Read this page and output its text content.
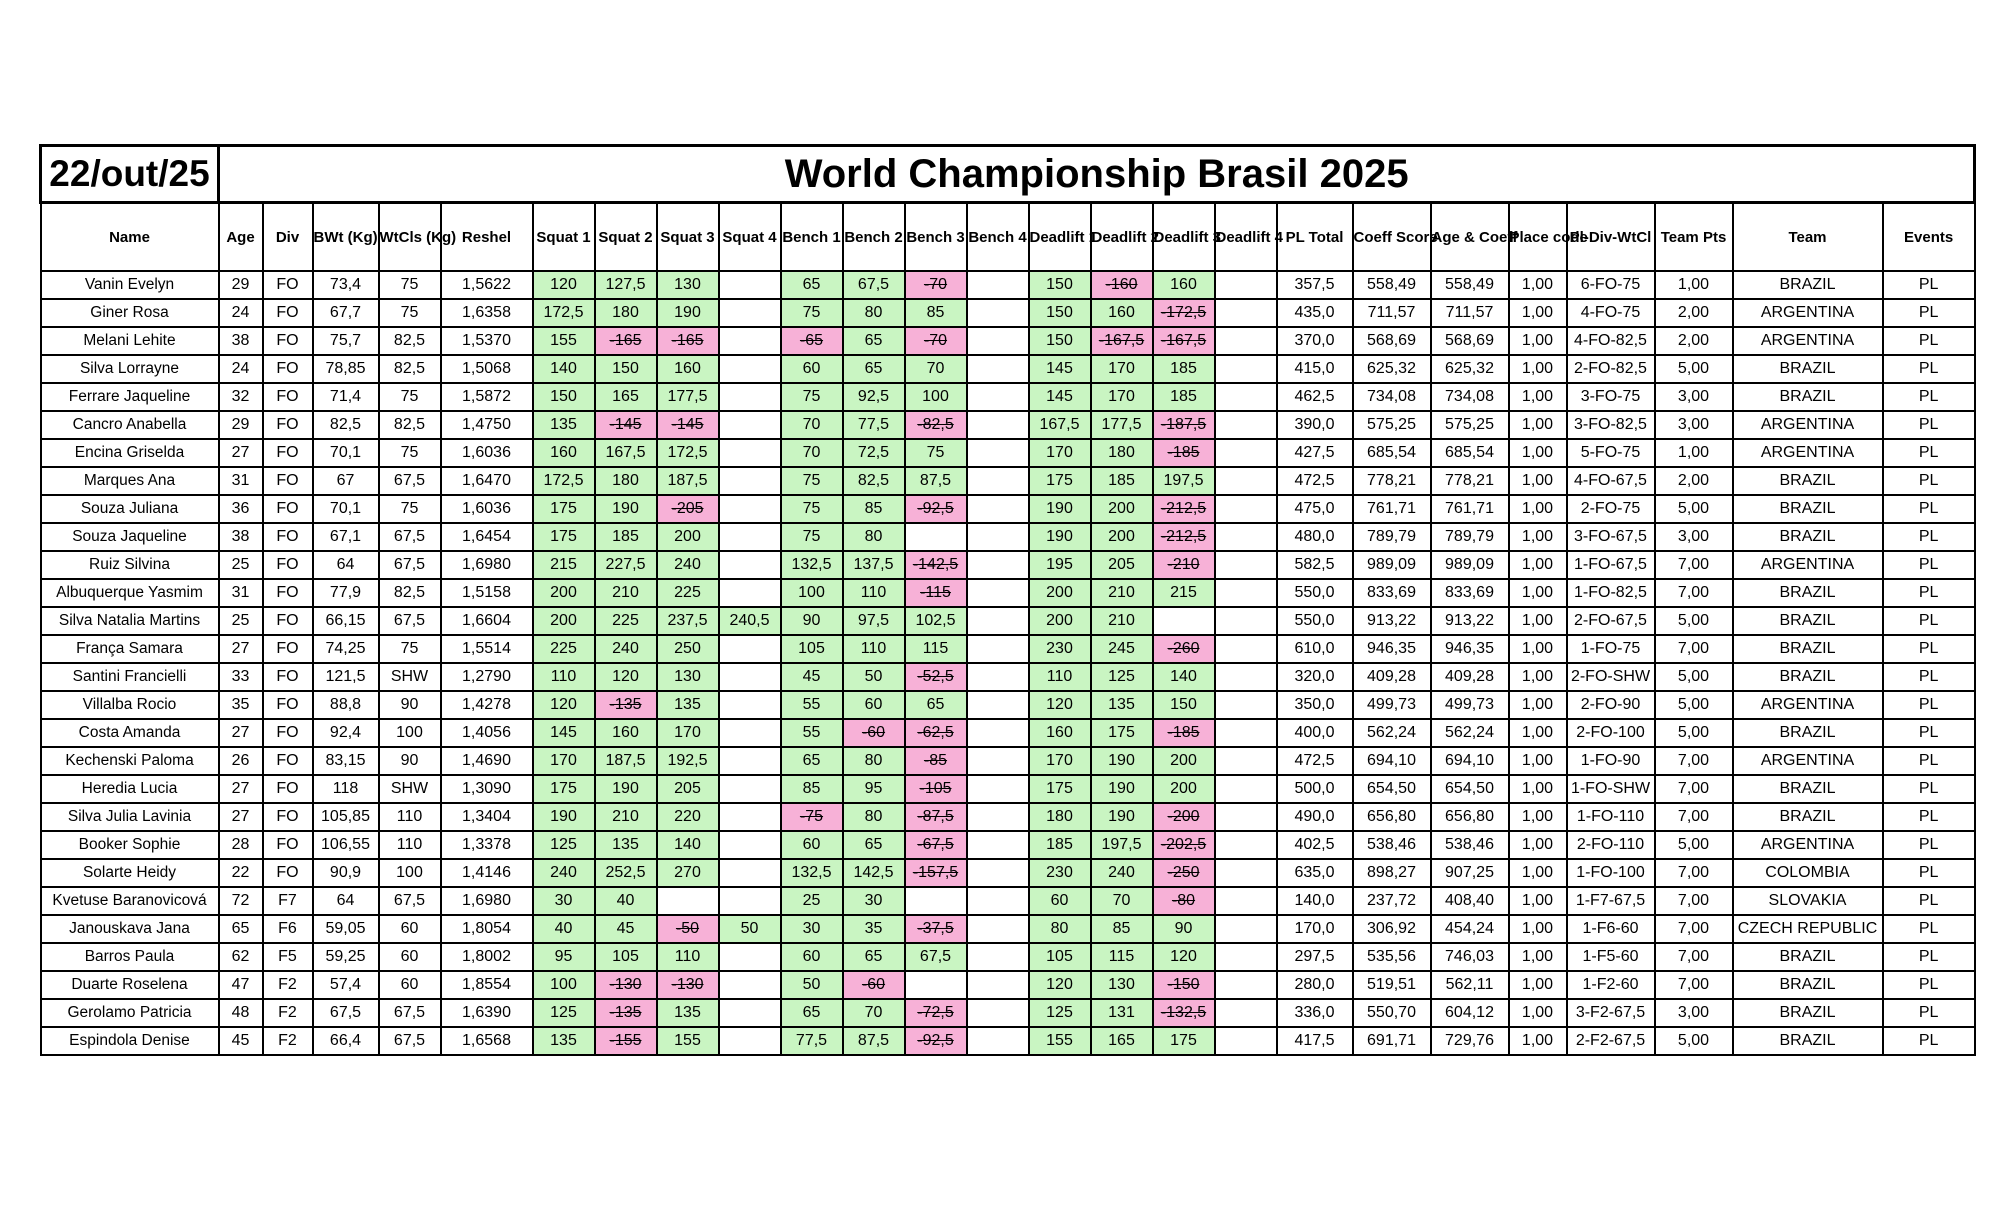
22/out/25	World Championship Brasil 2025																								
Name	Age	Div	BWt (Kg)	WtCls (Kg)	Reshel	Squat 1	Squat 2	Squat 3	Squat 4	Bench 1	Bench 2	Bench 3	Bench 4	Deadlift 1	Deadlift 2	Deadlift 3	Deadlift 4	PL Total	Coeff Score	Age & Coeff	Place code	Pl-Div-WtCl	Team Pts	Team	Events
Vanin Evelyn	29	FO	73,4	75	1,5622	120	127,5	130		65	67,5	-70		150	-160	160		357,5	558,49	558,49	1,00	6-FO-75	1,00	BRAZIL	PL
Giner Rosa	24	FO	67,7	75	1,6358	172,5	180	190		75	80	85		150	160	-172,5		435,0	711,57	711,57	1,00	4-FO-75	2,00	ARGENTINA	PL
Melani Lehite	38	FO	75,7	82,5	1,5370	155	-165	-165		-65	65	-70		150	-167,5	-167,5		370,0	568,69	568,69	1,00	4-FO-82,5	2,00	ARGENTINA	PL
Silva Lorrayne	24	FO	78,85	82,5	1,5068	140	150	160		60	65	70		145	170	185		415,0	625,32	625,32	1,00	2-FO-82,5	5,00	BRAZIL	PL
Ferrare Jaqueline	32	FO	71,4	75	1,5872	150	165	177,5		75	92,5	100		145	170	185		462,5	734,08	734,08	1,00	3-FO-75	3,00	BRAZIL	PL
Cancro Anabella	29	FO	82,5	82,5	1,4750	135	-145	-145		70	77,5	-82,5		167,5	177,5	-187,5		390,0	575,25	575,25	1,00	3-FO-82,5	3,00	ARGENTINA	PL
Encina Griselda	27	FO	70,1	75	1,6036	160	167,5	172,5		70	72,5	75		170	180	-185		427,5	685,54	685,54	1,00	5-FO-75	1,00	ARGENTINA	PL
Marques Ana	31	FO	67	67,5	1,6470	172,5	180	187,5		75	82,5	87,5		175	185	197,5		472,5	778,21	778,21	1,00	4-FO-67,5	2,00	BRAZIL	PL
Souza Juliana	36	FO	70,1	75	1,6036	175	190	-205		75	85	-92,5		190	200	-212,5		475,0	761,71	761,71	1,00	2-FO-75	5,00	BRAZIL	PL
Souza Jaqueline	38	FO	67,1	67,5	1,6454	175	185	200		75	80			190	200	-212,5		480,0	789,79	789,79	1,00	3-FO-67,5	3,00	BRAZIL	PL
Ruiz Silvina	25	FO	64	67,5	1,6980	215	227,5	240		132,5	137,5	-142,5		195	205	-210		582,5	989,09	989,09	1,00	1-FO-67,5	7,00	ARGENTINA	PL
Albuquerque Yasmim	31	FO	77,9	82,5	1,5158	200	210	225		100	110	-115		200	210	215		550,0	833,69	833,69	1,00	1-FO-82,5	7,00	BRAZIL	PL
Silva Natalia Martins	25	FO	66,15	67,5	1,6604	200	225	237,5	240,5	90	97,5	102,5		200	210			550,0	913,22	913,22	1,00	2-FO-67,5	5,00	BRAZIL	PL
França Samara	27	FO	74,25	75	1,5514	225	240	250		105	110	115		230	245	-260		610,0	946,35	946,35	1,00	1-FO-75	7,00	BRAZIL	PL
Santini Francielli	33	FO	121,5	SHW	1,2790	110	120	130		45	50	-52,5		110	125	140		320,0	409,28	409,28	1,00	2-FO-SHW	5,00	BRAZIL	PL
Villalba Rocio	35	FO	88,8	90	1,4278	120	-135	135		55	60	65		120	135	150		350,0	499,73	499,73	1,00	2-FO-90	5,00	ARGENTINA	PL
Costa Amanda	27	FO	92,4	100	1,4056	145	160	170		55	-60	-62,5		160	175	-185		400,0	562,24	562,24	1,00	2-FO-100	5,00	BRAZIL	PL
Kechenski Paloma	26	FO	83,15	90	1,4690	170	187,5	192,5		65	80	-85		170	190	200		472,5	694,10	694,10	1,00	1-FO-90	7,00	ARGENTINA	PL
Heredia Lucia	27	FO	118	SHW	1,3090	175	190	205		85	95	-105		175	190	200		500,0	654,50	654,50	1,00	1-FO-SHW	7,00	BRAZIL	PL
Silva Julia Lavinia	27	FO	105,85	110	1,3404	190	210	220		-75	80	-87,5		180	190	-200		490,0	656,80	656,80	1,00	1-FO-110	7,00	BRAZIL	PL
Booker Sophie	28	FO	106,55	110	1,3378	125	135	140		60	65	-67,5		185	197,5	-202,5		402,5	538,46	538,46	1,00	2-FO-110	5,00	ARGENTINA	PL
Solarte Heidy	22	FO	90,9	100	1,4146	240	252,5	270		132,5	142,5	-157,5		230	240	-250		635,0	898,27	907,25	1,00	1-FO-100	7,00	COLOMBIA	PL
Kvetuse Baranovicová	72	F7	64	67,5	1,6980	30	40			25	30			60	70	-80		140,0	237,72	408,40	1,00	1-F7-67,5	7,00	SLOVAKIA	PL
Janouskava Jana	65	F6	59,05	60	1,8054	40	45	-50	50	30	35	-37,5		80	85	90		170,0	306,92	454,24	1,00	1-F6-60	7,00	CZECH REPUBLIC	PL
Barros Paula	62	F5	59,25	60	1,8002	95	105	110		60	65	67,5		105	115	120		297,5	535,56	746,03	1,00	1-F5-60	7,00	BRAZIL	PL
Duarte Roselena	47	F2	57,4	60	1,8554	100	-130	-130		50	-60			120	130	-150		280,0	519,51	562,11	1,00	1-F2-60	7,00	BRAZIL	PL
Gerolamo Patricia	48	F2	67,5	67,5	1,6390	125	-135	135		65	70	-72,5		125	131	-132,5		336,0	550,70	604,12	1,00	3-F2-67,5	3,00	BRAZIL	PL
Espindola Denise	45	F2	66,4	67,5	1,6568	135	-155	155		77,5	87,5	-92,5		155	165	175		417,5	691,71	729,76	1,00	2-F2-67,5	5,00	BRAZIL	PL
